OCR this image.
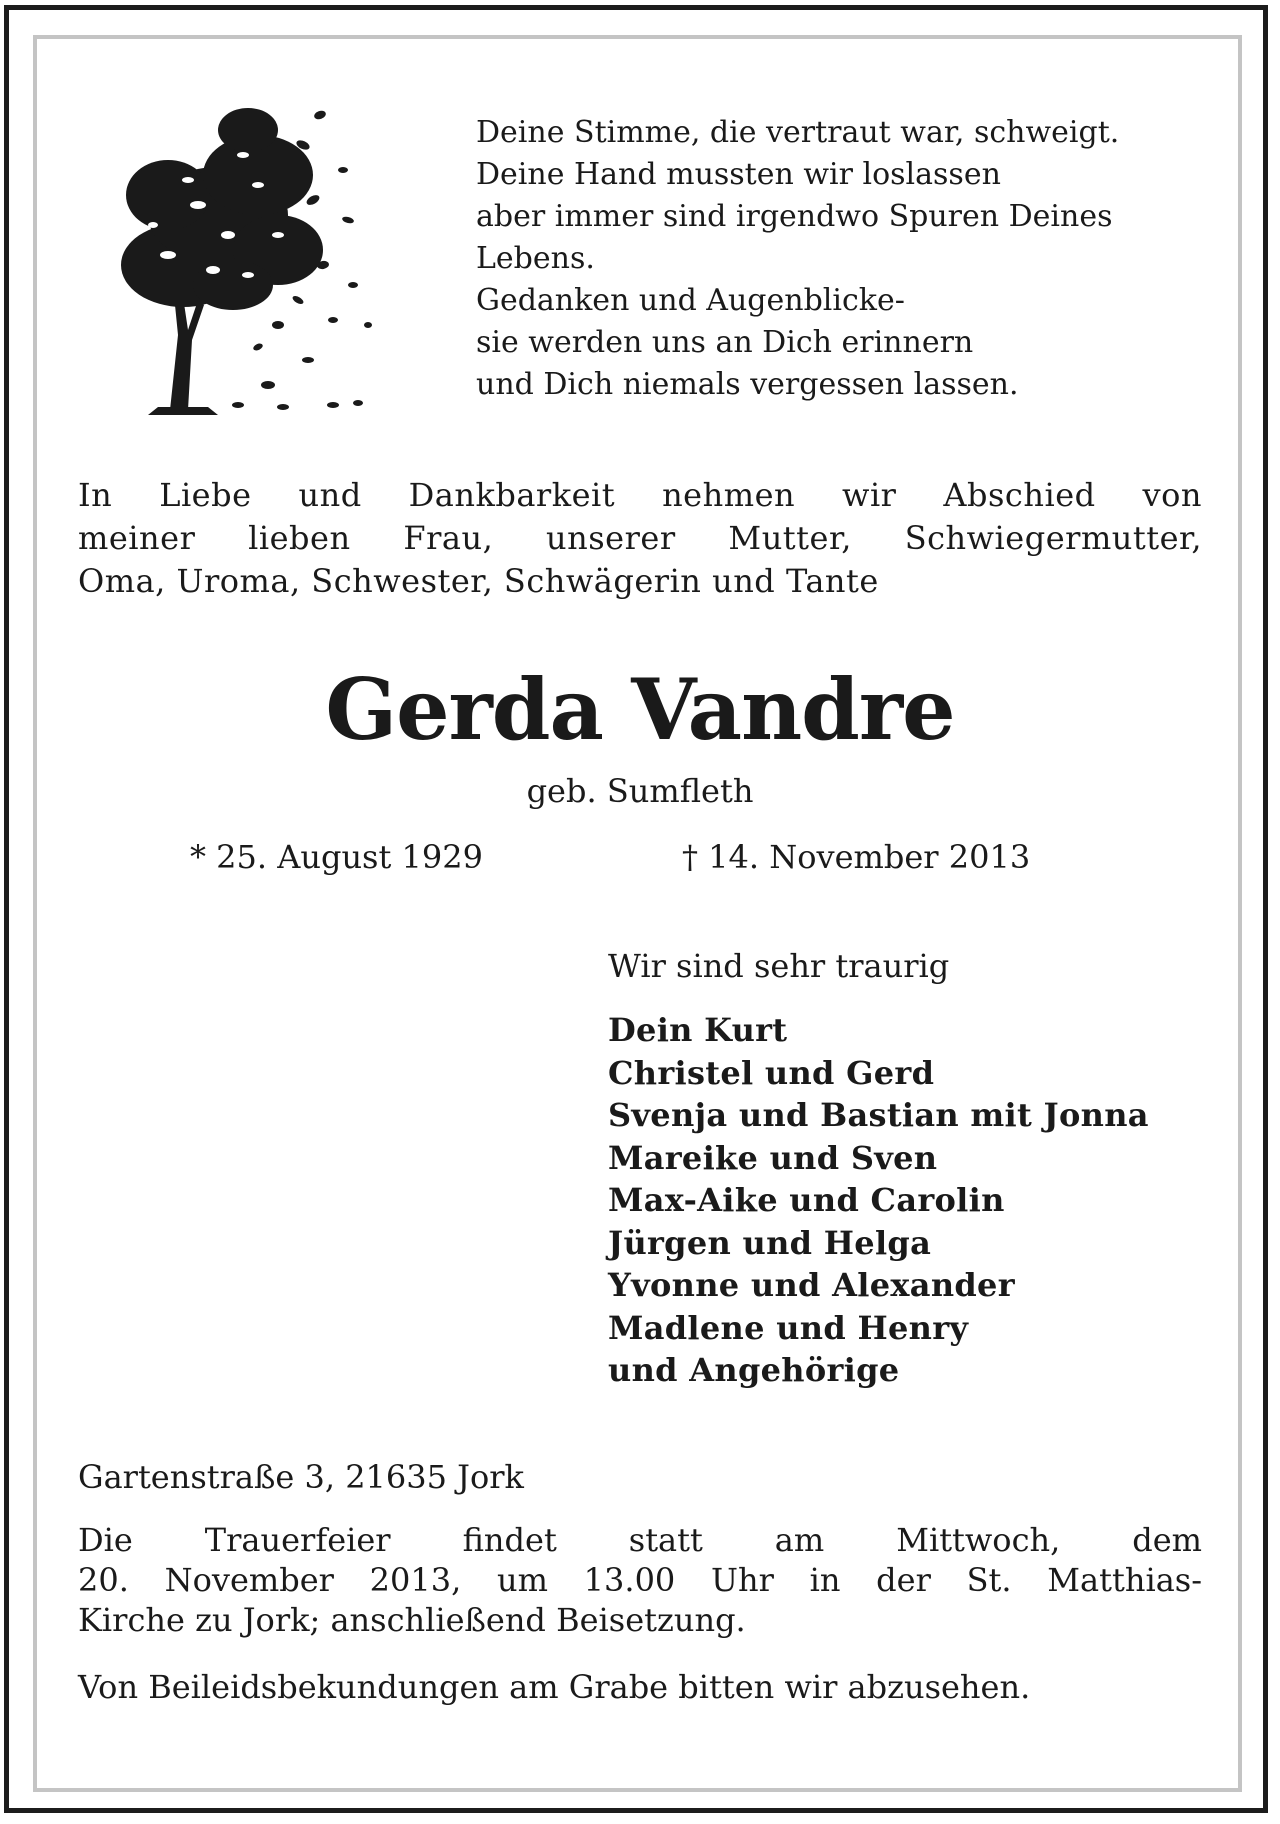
Deine Stimme, die vertraut war, schweigt.
Deine Hand mussten wir loslassen
aber immer sind irgendwo Spuren Deines
Lebens.
Gedanken und Augenblicke-
sie werden uns an Dich erinnern
und Dich niemals vergessen lassen.
In Liebe und Dankbarkeit nehmen wir Abschied von
meiner lieben Frau, unserer Mutter, Schwiegermutter,
Oma, Uroma, Schwester, Schwägerin und Tante
Gerda Vandre
geb. Sumfleth
* 25. August 1929	† 14. November 2013
Wir sind sehr traurig
Dein Kurt
Christel und Gerd
Svenja und Bastian mit Jonna
Mareike und Sven
Max-Aike und Carolin
Jürgen und Helga
Yvonne und Alexander
Madlene und Henry
und Angehörige
Gartenstraße 3, 21635 Jork
Die Trauerfeier findet statt am Mittwoch, dem
20. November 2013, um 13.00 Uhr in der St. Matthias-
Kirche zu Jork; anschließend Beisetzung.
Von Beileidsbekundungen am Grabe bitten wir abzusehen.
